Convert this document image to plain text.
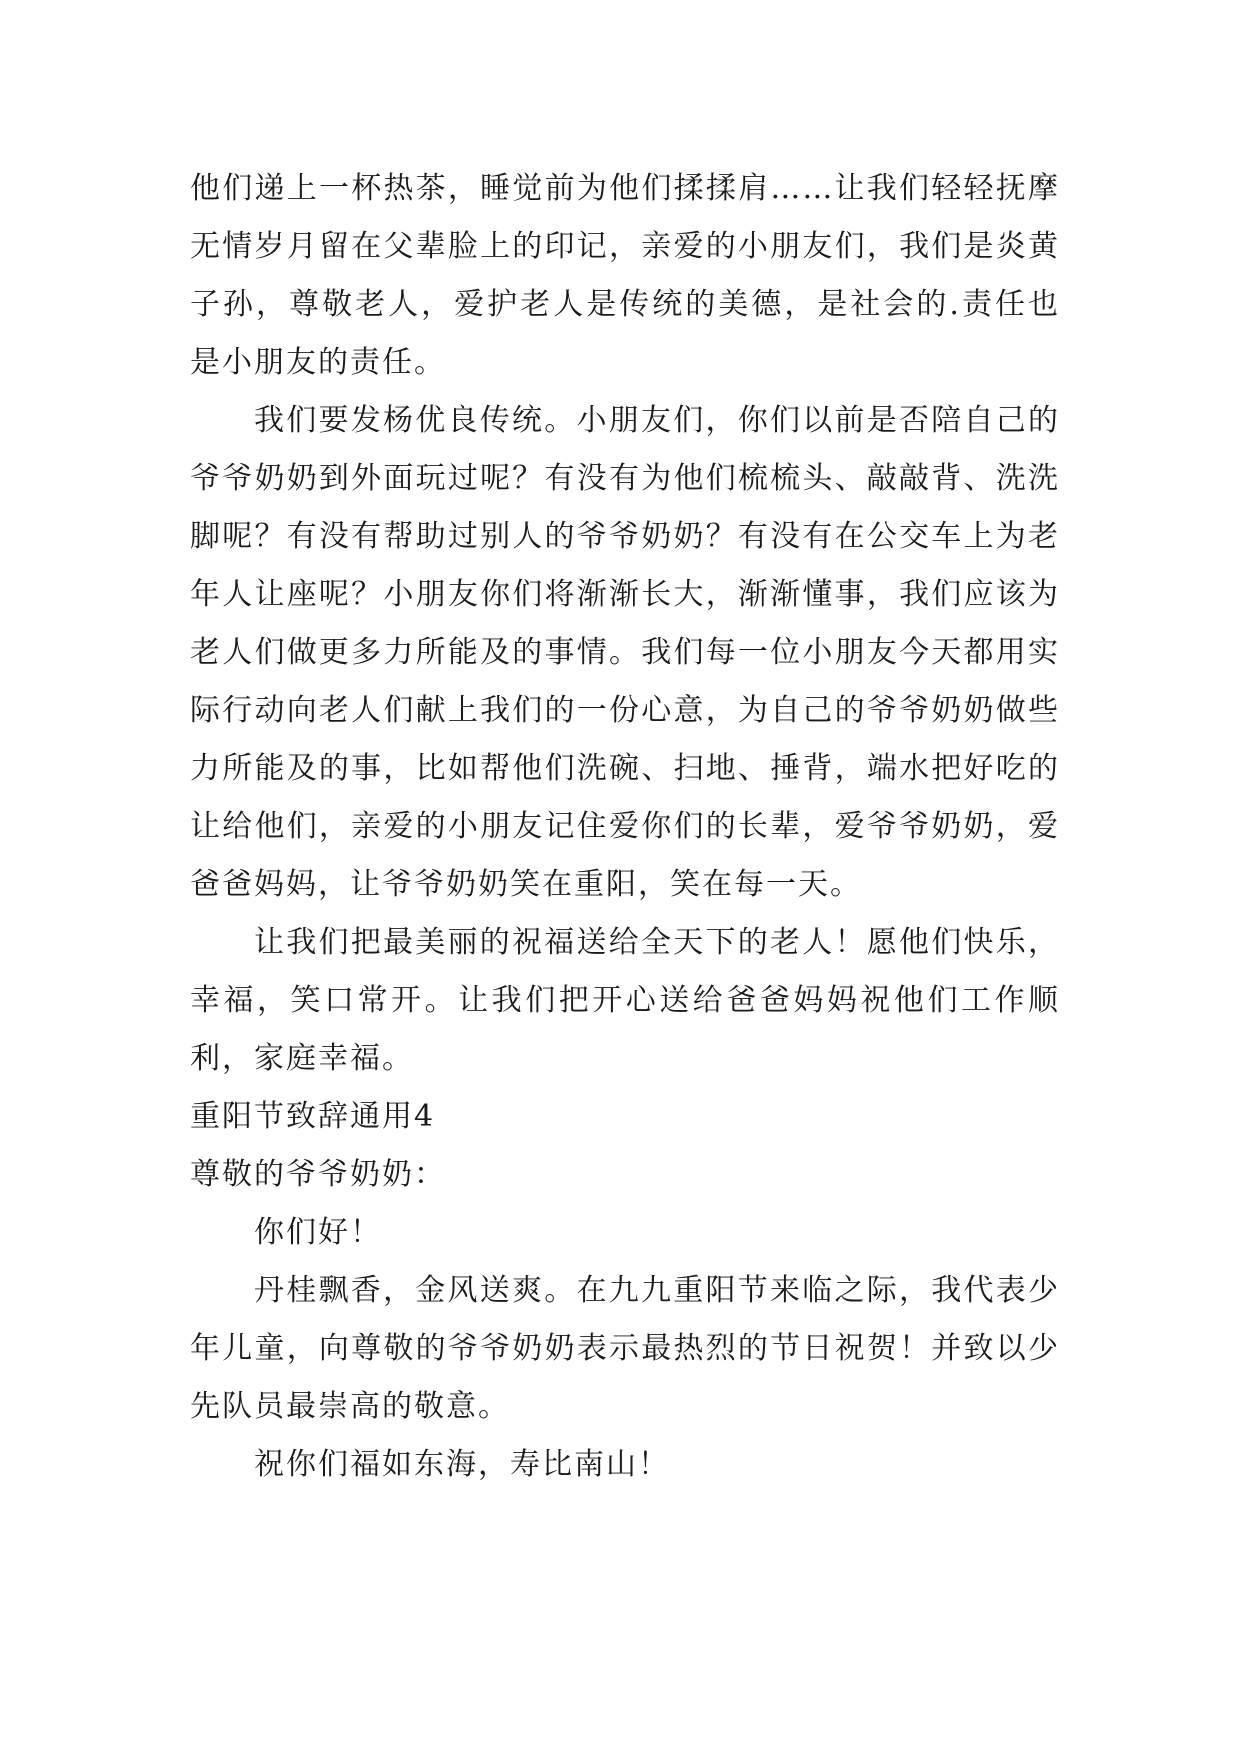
他们递上一杯热茶，睡觉前为他们揉揉肩……让我们轻轻抚摩无情岁月留在父辈脸上的印记，亲爱的小朋友们，我们是炎黄子孙，尊敬老人，爱护老人是传统的美德，是社会的.责任也是小朋友的责任。

我们要发杨优良传统。小朋友们，你们以前是否陪自己的爷爷奶奶到外面玩过呢？有没有为他们梳梳头、敲敲背、洗洗脚呢？有没有帮助过别人的爷爷奶奶？有没有在公交车上为老年人让座呢？小朋友你们将渐渐长大，渐渐懂事，我们应该为老人们做更多力所能及的事情。我们每一位小朋友今天都用实际行动向老人们献上我们的一份心意，为自己的爷爷奶奶做些力所能及的事，比如帮他们洗碗、扫地、捶背，端水把好吃的让给他们，亲爱的小朋友记住爱你们的长辈，爱爷爷奶奶，爱爸爸妈妈，让爷爷奶奶笑在重阳，笑在每一天。

让我们把最美丽的祝福送给全天下的老人！愿他们快乐，幸福，笑口常开。让我们把开心送给爸爸妈妈祝他们工作顺利，家庭幸福。

重阳节致辞通用4

尊敬的爷爷奶奶：

你们好！

丹桂飘香，金风送爽。在九九重阳节来临之际，我代表少年儿童，向尊敬的爷爷奶奶表示最热烈的节日祝贺！并致以少先队员最崇高的敬意。

祝你们福如东海，寿比南山！
